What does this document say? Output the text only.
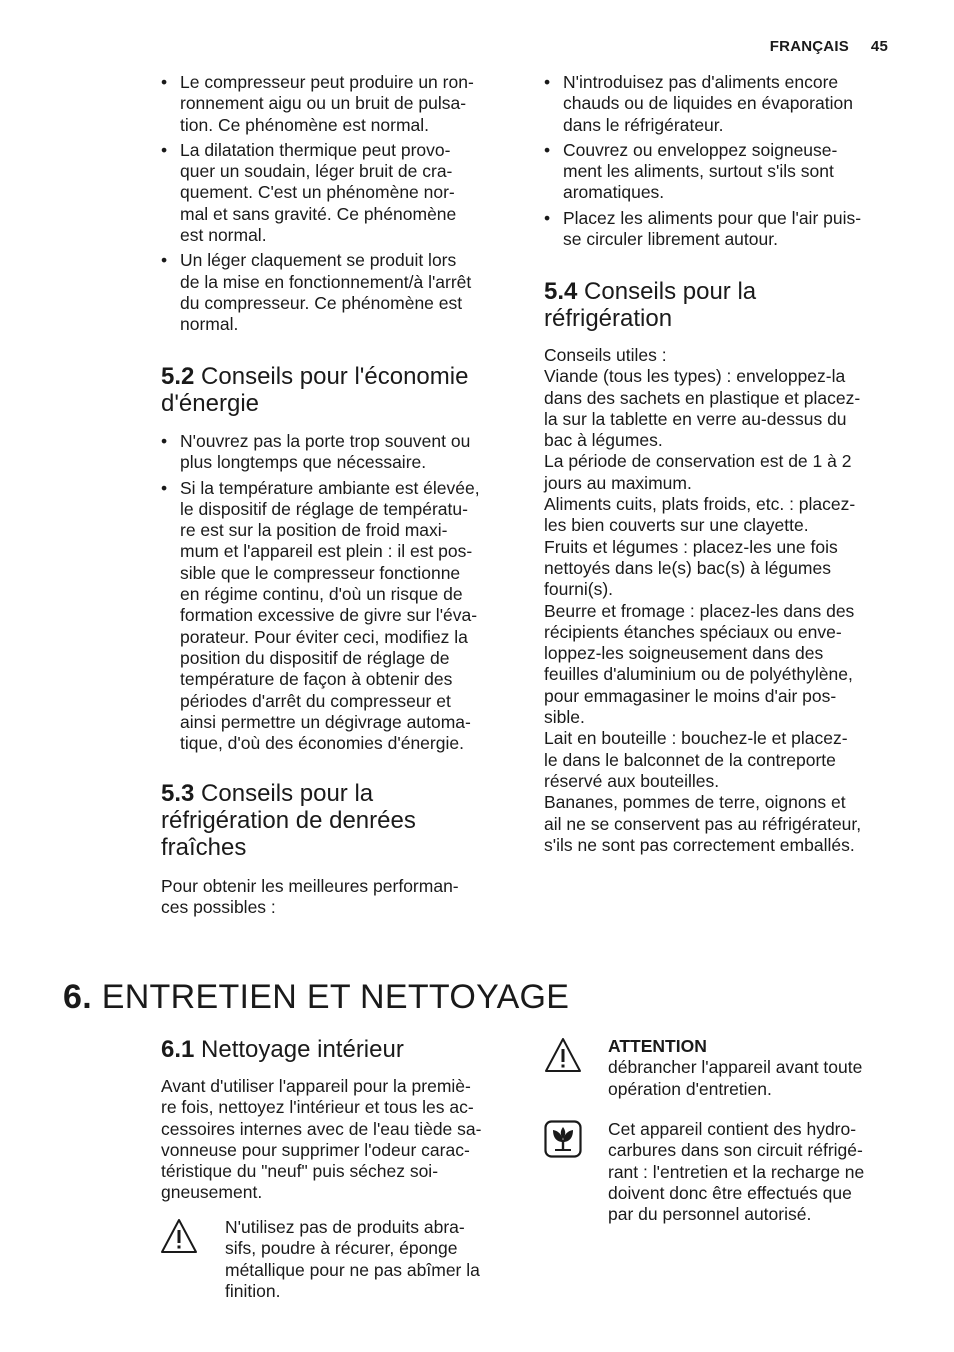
FRANÇAIS 45
• Le compresseur peut produire un ron-
ronnement aigu ou un bruit de pulsa-
tion. Ce phénomène est normal.
• La dilatation thermique peut provo-
quer un soudain, léger bruit de cra-
quement. C'est un phénomène nor-
mal et sans gravité. Ce phénomène
est normal.
• Un léger claquement se produit lors
de la mise en fonctionnement/à l'arrêt
du compresseur. Ce phénomène est
normal.
5.2 Conseils pour l'économie
d'énergie
• N'ouvrez pas la porte trop souvent ou
plus longtemps que nécessaire.
• Si la température ambiante est élevée,
le dispositif de réglage de températu-
re est sur la position de froid maxi-
mum et l'appareil est plein : il est pos-
sible que le compresseur fonctionne
en régime continu, d'où un risque de
formation excessive de givre sur l'éva-
porateur. Pour éviter ceci, modifiez la
position du dispositif de réglage de
température de façon à obtenir des
périodes d'arrêt du compresseur et
ainsi permettre un dégivrage automa-
tique, d'où des économies d'énergie.
5.3 Conseils pour la
réfrigération de denrées
fraîches

Pour obtenir les meilleures performan-
ces possibles :

• N'introduisez pas d'aliments encore
chauds ou de liquides en évaporation
dans le réfrigérateur.
• Couvrez ou enveloppez soigneuse-
ment les aliments, surtout s'ils sont
aromatiques.
• Placez les aliments pour que l'air puis-
se circuler librement autour.
5.4 Conseils pour la
réfrigération

Conseils utiles :
Viande (tous les types) : enveloppez-la
dans des sachets en plastique et placez-
la sur la tablette en verre au-dessus du
bac à légumes.
La période de conservation est de 1 à 2
jours au maximum.
Aliments cuits, plats froids, etc. : placez-
les bien couverts sur une clayette.
Fruits et légumes : placez-les une fois
nettoyés dans le(s) bac(s) à légumes
fourni(s).
Beurre et fromage : placez-les dans des
récipients étanches spéciaux ou enve-
loppez-les soigneusement dans des
feuilles d'aluminium ou de polyéthylène,
pour emmagasiner le moins d'air pos-
sible.
Lait en bouteille : bouchez-le et placez-
le dans le balconnet de la contreporte
réservé aux bouteilles.
Bananes, pommes de terre, oignons et
ail ne se conservent pas au réfrigérateur,
s'ils ne sont pas correctement emballés.

6. ENTRETIEN ET NETTOYAGE
6.1 Nettoyage intérieur

Avant d'utiliser l'appareil pour la premiè-
re fois, nettoyez l'intérieur et tous les ac-
cessoires internes avec de l'eau tiède sa-
vonneuse pour supprimer l'odeur carac-
téristique du "neuf" puis séchez soi-
gneusement.

N'utilisez pas de produits abra-
sifs, poudre à récurer, éponge
métallique pour ne pas abîmer la
finition.

ATTENTION
débrancher l'appareil avant toute
opération d'entretien.

Cet appareil contient des hydro-
carbures dans son circuit réfrigé-
rant : l'entretien et la recharge ne
doivent donc être effectués que
par du personnel autorisé.
